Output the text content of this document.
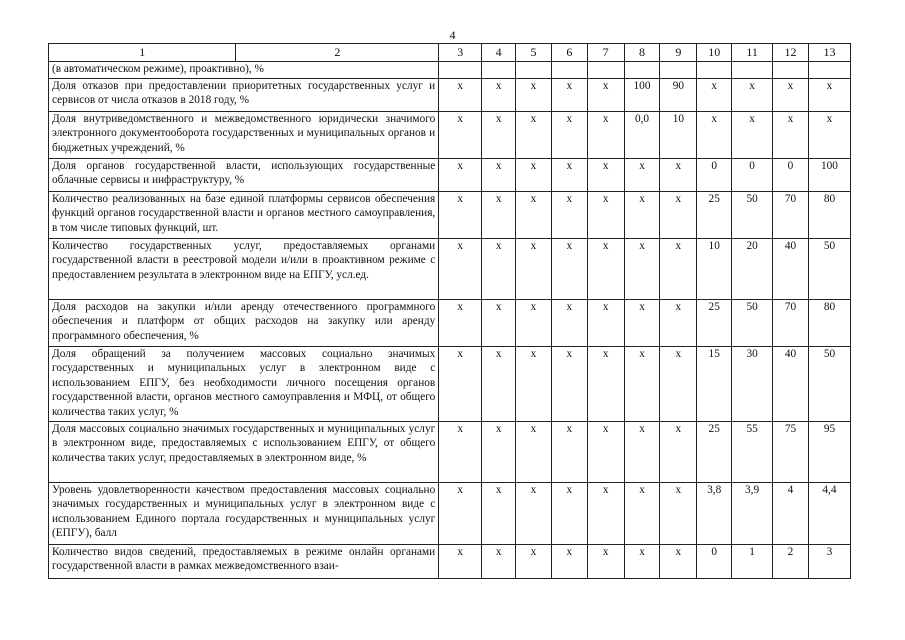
4
1	2	3	4	5	6	7	8	9	10	11	12	13
(в автоматическом режиме), проактивно), %												
Доля отказов при предоставлении приоритетных государственных услуг и сервисов от числа отказов в 2018 году, %		x	x	x	x	x	100	90	x	x	x	x
Доля внутриведомственного и межведомственного юридически значимого электронного документооборота государственных и муниципальных органов и бюджетных учреждений, %		x	x	x	x	x	0,0	10	x	x	x	x
Доля органов государственной власти, использующих государственные облачные сервисы и инфраструктуру, %		x	x	x	x	x	x	x	0	0	0	100
Количество реализованных на базе единой платформы сервисов обеспечения функций органов государственной власти и органов местного самоуправления, в том числе типовых функций, шт.		x	x	x	x	x	x	x	25	50	70	80
Количество государственных услуг, предоставляемых органами государственной власти в реестровой модели и/или в проактивном режиме с предоставлением результата в электронном виде на ЕПГУ, усл.ед.		x	x	x	x	x	x	x	10	20	40	50
Доля расходов на закупки и/или аренду отечественного программного обеспечения и платформ от общих расходов на закупку или аренду программного обеспечения, %		x	x	x	x	x	x	x	25	50	70	80
Доля обращений за получением массовых социально значимых государственных и муниципальных услуг в электронном виде с использованием ЕПГУ, без необходимости личного посещения органов государственной власти, органов местного самоуправления и МФЦ, от общего количества таких услуг, %		x	x	x	x	x	x	x	15	30	40	50
Доля массовых социально значимых государственных и муниципальных услуг в электронном виде, предоставляемых с использованием ЕПГУ, от общего количества таких услуг, предоставляемых в электронном виде, %		x	x	x	x	x	x	x	25	55	75	95
Уровень удовлетворенности качеством предоставления массовых социально значимых государственных и муниципальных услуг в электронном виде с использованием Единого портала государственных и муниципальных услуг (ЕПГУ), балл		x	x	x	x	x	x	x	3,8	3,9	4	4,4
Количество видов сведений, предоставляемых в режиме онлайн органами государственной власти в рамках межведомственного взаи-		x	x	x	x	x	x	x	0	1	2	3
